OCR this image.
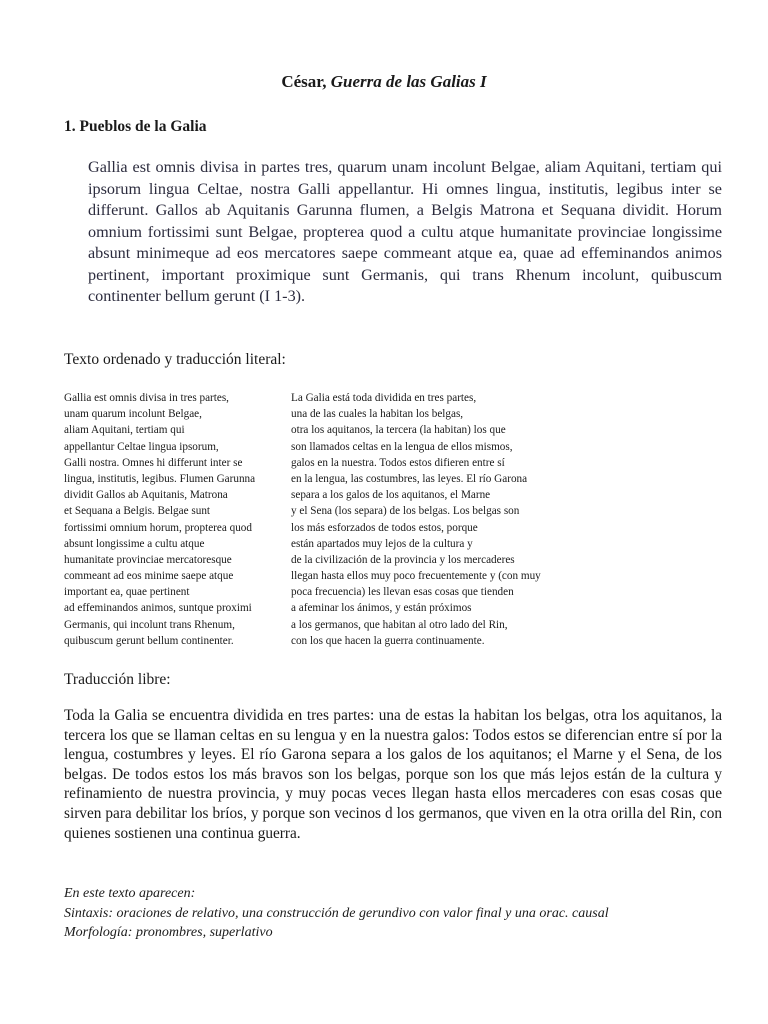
César, Guerra de las Galias I
1. Pueblos de la Galia

Gallia est omnis divisa in partes tres, quarum unam incolunt Belgae, aliam Aquitani, tertiam qui ipsorum lingua Celtae, nostra Galli appellantur. Hi omnes lingua, institutis, legibus inter se differunt. Gallos ab Aquitanis Garunna flumen, a Belgis Matrona et Sequana dividit. Horum omnium fortissimi sunt Belgae, propterea quod a cultu atque humanitate provinciae longissime absunt minimeque ad eos mercatores saepe commeant atque ea, quae ad effeminandos animos pertinent, important proximique sunt Germanis, qui trans Rhenum incolunt, quibuscum continenter bellum gerunt (I 1-3).

Texto ordenado y traducción literal:
Gallia est omnis divisa in tres partes,
unam quarum incolunt Belgae,
aliam Aquitani, tertiam qui
appellantur Celtae lingua ipsorum,
Galli nostra. Omnes hi differunt inter se
lingua, institutis, legibus. Flumen Garunna
dividit Gallos ab Aquitanis, Matrona
et Sequana a Belgis. Belgae sunt
fortissimi omnium horum, propterea quod
absunt longissime a cultu atque
humanitate provinciae mercatoresque
commeant ad eos minime saepe atque
important ea, quae pertinent
ad effeminandos animos, suntque proximi
Germanis, qui incolunt trans Rhenum,
quibuscum gerunt bellum continenter.
La Galia está toda dividida en tres partes,
una de las cuales la habitan los belgas,
otra los aquitanos, la tercera (la habitan) los que
son llamados celtas en la lengua de ellos mismos,
galos en la nuestra. Todos estos difieren entre sí
en la lengua, las costumbres, las leyes. El río Garona
separa a los galos de los aquitanos, el Marne
y el Sena (los separa) de los belgas. Los belgas son
los más esforzados de todos estos, porque
están apartados muy lejos de la cultura y
de la civilización de la provincia y los mercaderes
llegan hasta ellos muy poco frecuentemente y (con muy
poca frecuencia) les llevan esas cosas que tienden
a afeminar los ánimos, y están próximos
a los germanos, que habitan al otro lado del Rin,
con los que hacen la guerra continuamente.
Traducción libre:

Toda la Galia se encuentra dividida en tres partes: una de estas la habitan los belgas, otra los aquitanos, la tercera los que se llaman celtas en su lengua y en la nuestra galos: Todos estos se diferencian entre sí por la lengua, costumbres y leyes. El río Garona separa a los galos de los aquitanos; el Marne y el Sena, de los belgas. De todos estos los más bravos son los belgas, porque son los que más lejos están de la cultura y refinamiento de nuestra provincia, y muy pocas veces llegan hasta ellos mercaderes con esas cosas que sirven para debilitar los bríos, y porque son vecinos d los germanos, que viven en la otra orilla del Rin, con quienes sostienen una continua guerra.

En este texto aparecen:
Sintaxis: oraciones de relativo, una construcción de gerundivo con valor final y una orac. causal
Morfología: pronombres, superlativo
